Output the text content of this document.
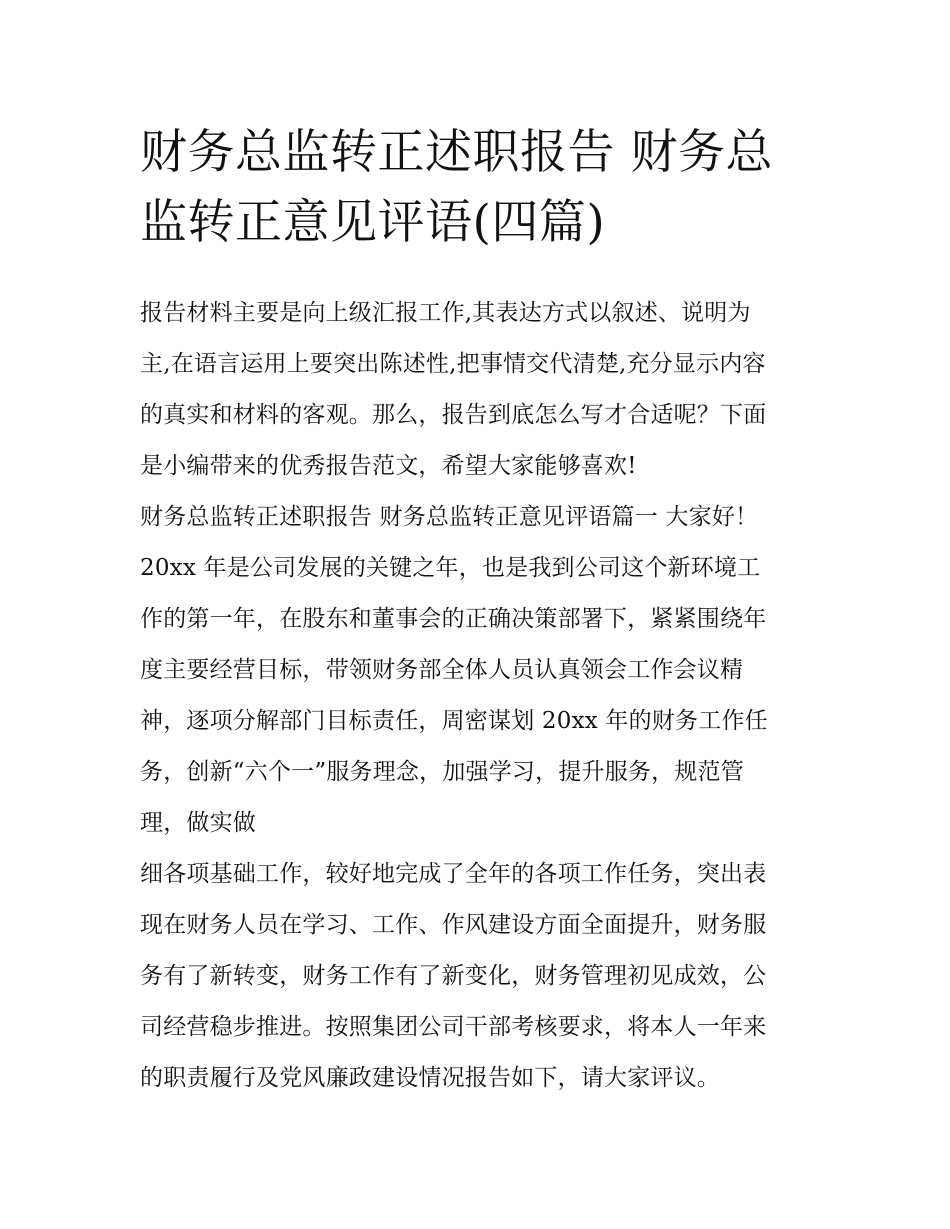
财务总监转正述职报告 财务总
监转正意见评语(四篇)

报告材料主要是向上级汇报工作,其表达方式以叙述、说明为
主,在语言运用上要突出陈述性,把事情交代清楚,充分显示内容
的真实和材料的客观。那么，报告到底怎么写才合适呢？下面
是小编带来的优秀报告范文，希望大家能够喜欢!

财务总监转正述职报告 财务总监转正意见评语篇一 大家好！
20xx 年是公司发展的关键之年，也是我到公司这个新环境工
作的第一年，在股东和董事会的正确决策部署下，紧紧围绕年
度主要经营目标，带领财务部全体人员认真领会工作会议精
神，逐项分解部门目标责任，周密谋划 20xx 年的财务工作任
务，创新“六个一”服务理念，加强学习，提升服务，规范管
理，做实做

细各项基础工作，较好地完成了全年的各项工作任务，突出表
现在财务人员在学习、工作、作风建设方面全面提升，财务服
务有了新转变，财务工作有了新变化，财务管理初见成效，公
司经营稳步推进。按照集团公司干部考核要求，将本人一年来
的职责履行及党风廉政建设情况报告如下，请大家评议。
